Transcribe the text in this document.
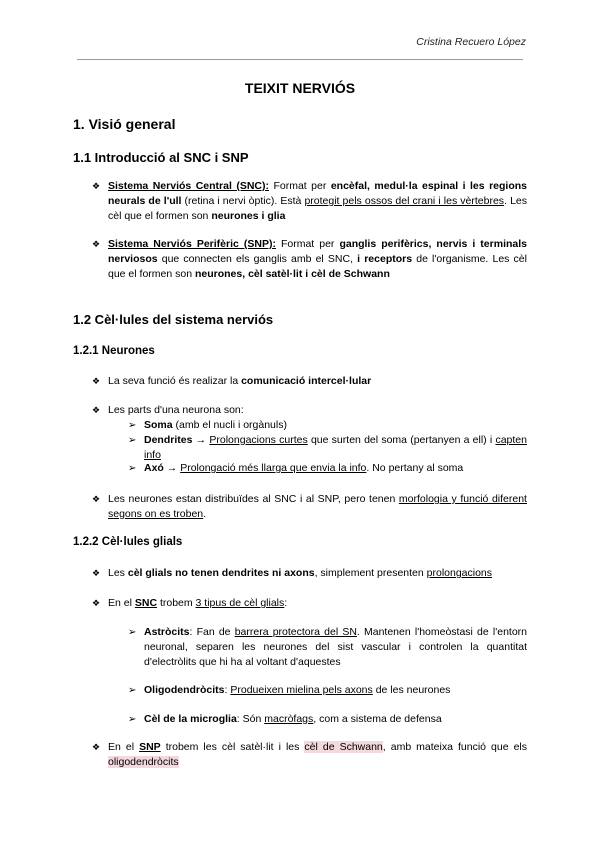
Cristina Recuero López
TEIXIT NERVIÓS
1. Visió general
1.1 Introducció al SNC i SNP
❖ Sistema Nerviós Central (SNC): Format per encèfal, medul·la espinal i les regions neurals de l'ull (retina i nervi òptic). Està protegit pels ossos del crani i les vèrtebres. Les cèl que el formen son neurones i glia
❖ Sistema Nerviós Perifèric (SNP): Format per ganglis perifèrics, nervis i terminals nerviosos que connecten els ganglis amb el SNC, i receptors de l'organisme. Les cèl que el formen son neurones, cèl satèl·lit i cèl de Schwann
1.2 Cèl·lules del sistema nerviós
1.2.1 Neurones
❖ La seva funció és realizar la comunicació intercel·lular
❖ Les parts d'una neurona son:
➢ Soma (amb el nucli i orgànuls)
➢ Dendrites → Prolongacions curtes que surten del soma (pertanyen a ell) i capten info
➢ Axó → Prolongació més llarga que envia la info. No pertany al soma
❖ Les neurones estan distribuïdes al SNC i al SNP, pero tenen morfologia y funció diferent segons on es troben.
1.2.2 Cèl·lules glials
❖ Les cèl glials no tenen dendrites ni axons, simplement presenten prolongacions
❖ En el SNC trobem 3 tipus de cèl glials:
➢ Astròcits: Fan de barrera protectora del SN. Mantenen l'homeòstasi de l'entorn neuronal, separen les neurones del sist vascular i controlen la quantitat d'electròlits que hi ha al voltant d'aquestes
➢ Oligodendròcits: Produeixen mielina pels axons de les neurones
➢ Cèl de la microglia: Són macròfags, com a sistema de defensa
❖ En el SNP trobem les cèl satèl·lit i les cèl de Schwann, amb mateixa funció que els oligodendròcits
